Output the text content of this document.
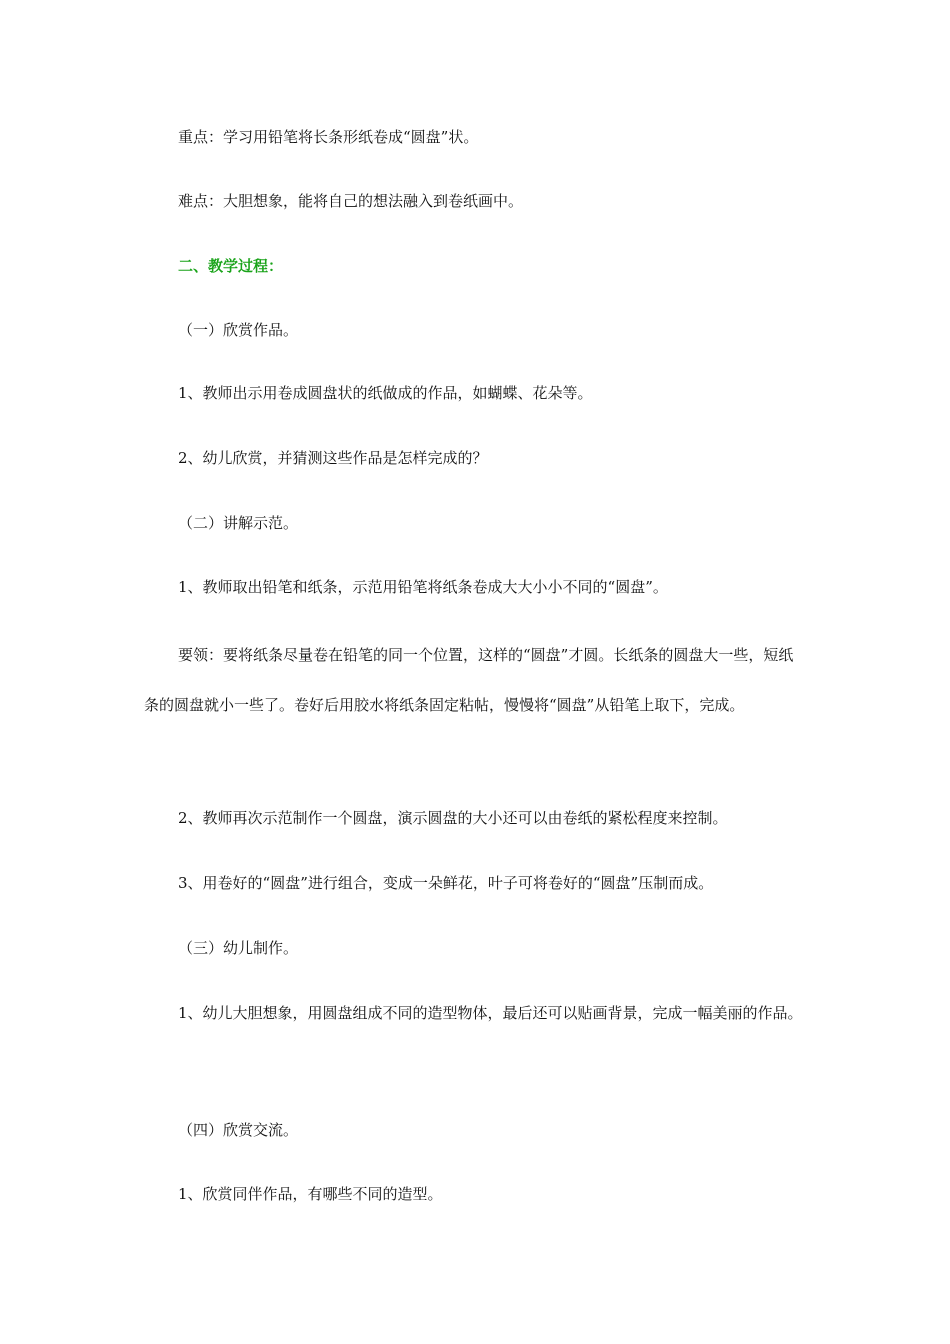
重点：学习用铅笔将长条形纸卷成“圆盘”状。

难点：大胆想象，能将自己的想法融入到卷纸画中。

二、教学过程：

（一）欣赏作品。

1、教师出示用卷成圆盘状的纸做成的作品，如蝴蝶、花朵等。

2、幼儿欣赏，并猜测这些作品是怎样完成的？

（二）讲解示范。

1、教师取出铅笔和纸条，示范用铅笔将纸条卷成大大小小不同的“圆盘”。

要领：要将纸条尽量卷在铅笔的同一个位置，这样的“圆盘”才圆。长纸条的圆盘大一些，短纸条的圆盘就小一些了。卷好后用胶水将纸条固定粘帖，慢慢将“圆盘”从铅笔上取下，完成。

2、教师再次示范制作一个圆盘，演示圆盘的大小还可以由卷纸的紧松程度来控制。

3、用卷好的“圆盘”进行组合，变成一朵鲜花，叶子可将卷好的“圆盘”压制而成。

（三）幼儿制作。

1、幼儿大胆想象，用圆盘组成不同的造型物体，最后还可以贴画背景，完成一幅美丽的作品。

（四）欣赏交流。

1、欣赏同伴作品，有哪些不同的造型。
